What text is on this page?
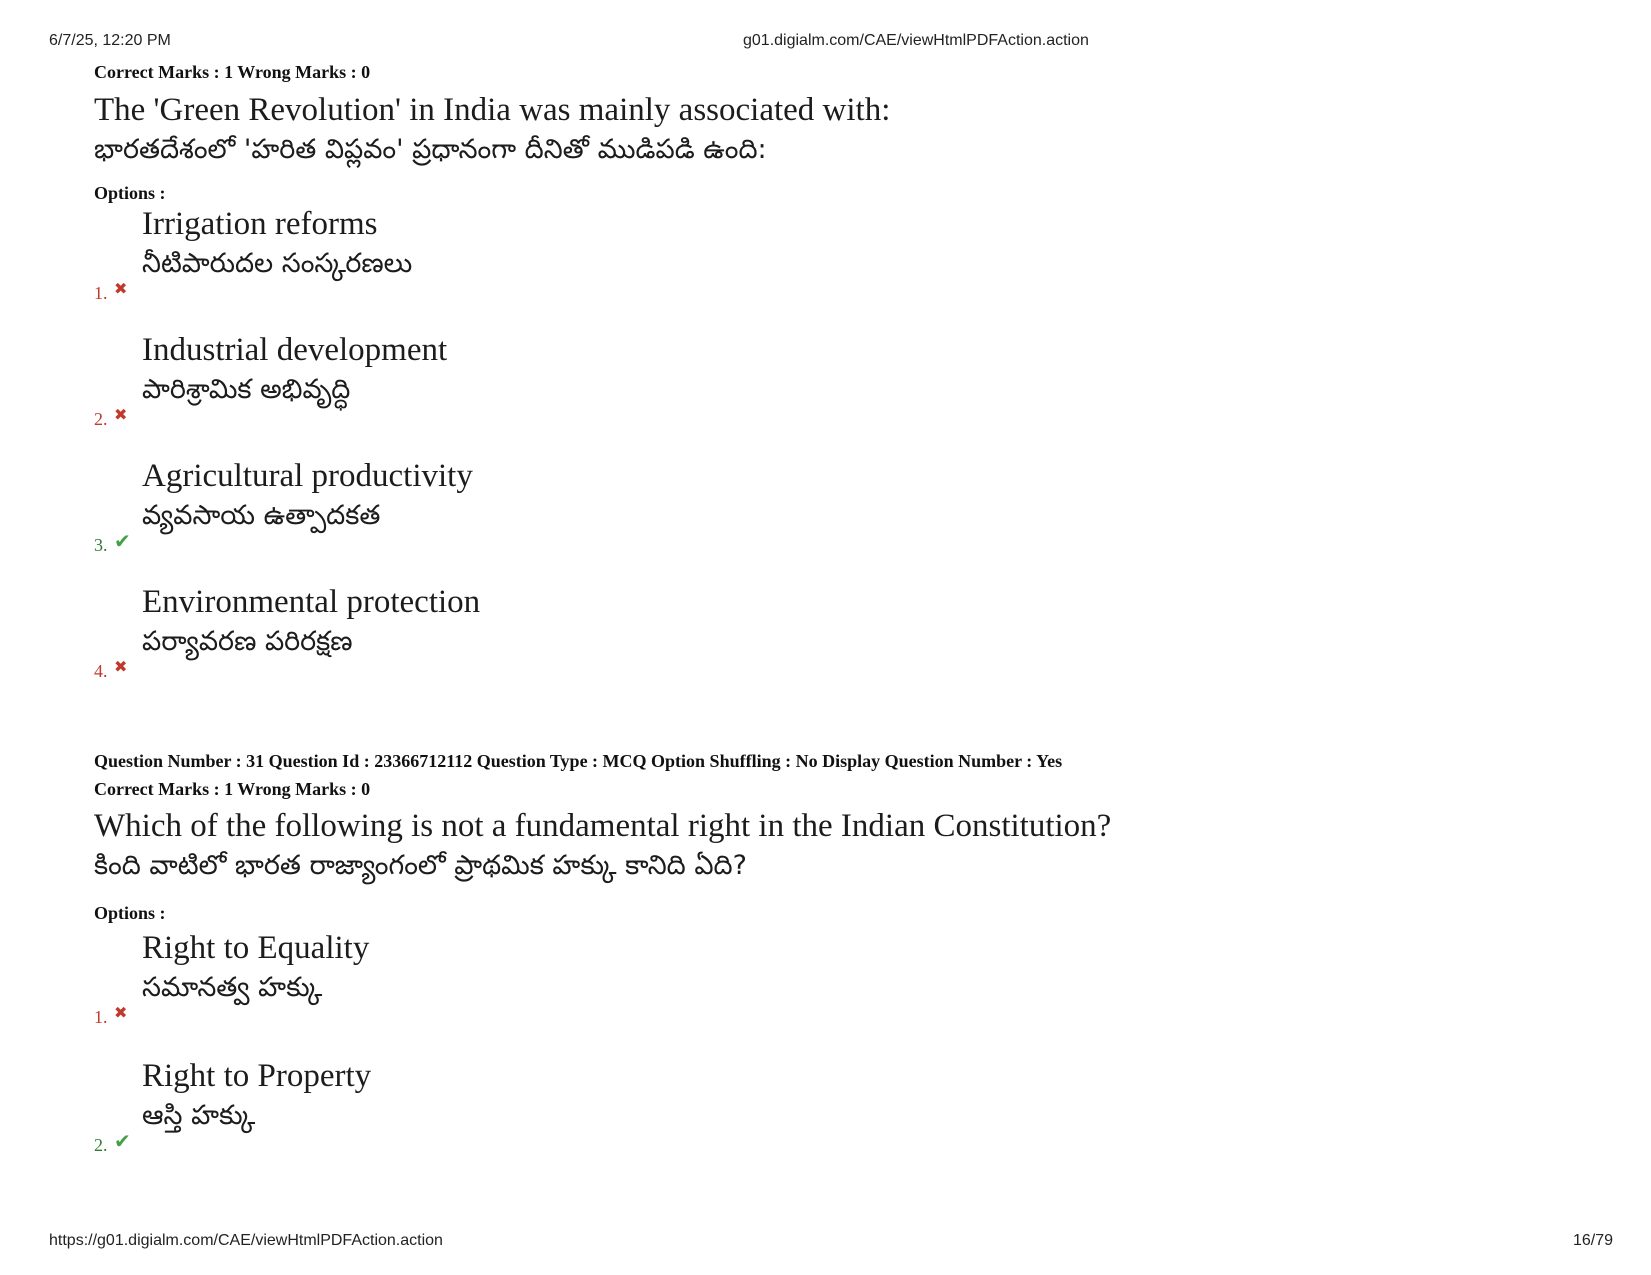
6/7/25, 12:20 PM	g01.digialm.com/CAE/viewHtmlPDFAction.action
Correct Marks : 1 Wrong Marks : 0
The 'Green Revolution' in India was mainly associated with:
భారతదేశంలో 'హరిత విప్లవం' ప్రధానంగా దీనితో ముడిపడి ఉంది:
Options :
1. ✖
Irrigation reforms
నీటిపారుదల సంస్కరణలు
2. ✖
Industrial development
పారిశ్రామిక అభివృద్ధి
3. ✔
Agricultural productivity
వ్యవసాయ ఉత్పాదకత
4. ✖
Environmental protection
పర్యావరణ పరిరక్షణ
Question Number : 31 Question Id : 23366712112 Question Type : MCQ Option Shuffling : No Display Question Number : Yes
Correct Marks : 1 Wrong Marks : 0
Which of the following is not a fundamental right in the Indian Constitution?
కింది వాటిలో భారత రాజ్యాంగంలో ప్రాథమిక హక్కు కానిది ఏది?
Options :
1. ✖
Right to Equality
సమానత్వ హక్కు
2. ✔
Right to Property
ఆస్తి హక్కు
https://g01.digialm.com/CAE/viewHtmlPDFAction.action	16/79
